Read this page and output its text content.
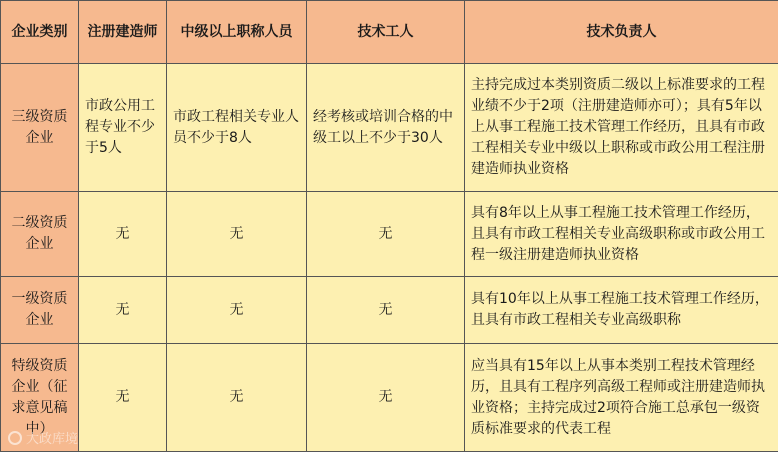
企业类别	注册建造师	中级以上职称人员	技术工人	技术负责人
三级资质企业	市政公用工程专业不少于5人	市政工程相关专业人员不少于8人	经考核或培训合格的中级工以上不少于30人	主持完成过本类别资质二级以上标准要求的工程业绩不少于2项（注册建造师亦可）；具有5年以上从事工程施工技术管理工作经历，且具有市政工程相关专业中级以上职称或市政公用工程注册建造师执业资格
二级资质企业	无	无	无	具有8年以上从事工程施工技术管理工作经历，且具有市政工程相关专业高级职称或市政公用工程一级注册建造师执业资格
一级资质企业	无	无	无	具有10年以上从事工程施工技术管理工作经历，且具有市政工程相关专业高级职称
特级资质企业（征求意见稿中）	无	无	无	应当具有15年以上从事本类别工程技术管理经历，且具有工程序列高级工程师或注册建造师执业资格；主持完成过2项符合施工总承包一级资质标准要求的代表工程
大政库境
